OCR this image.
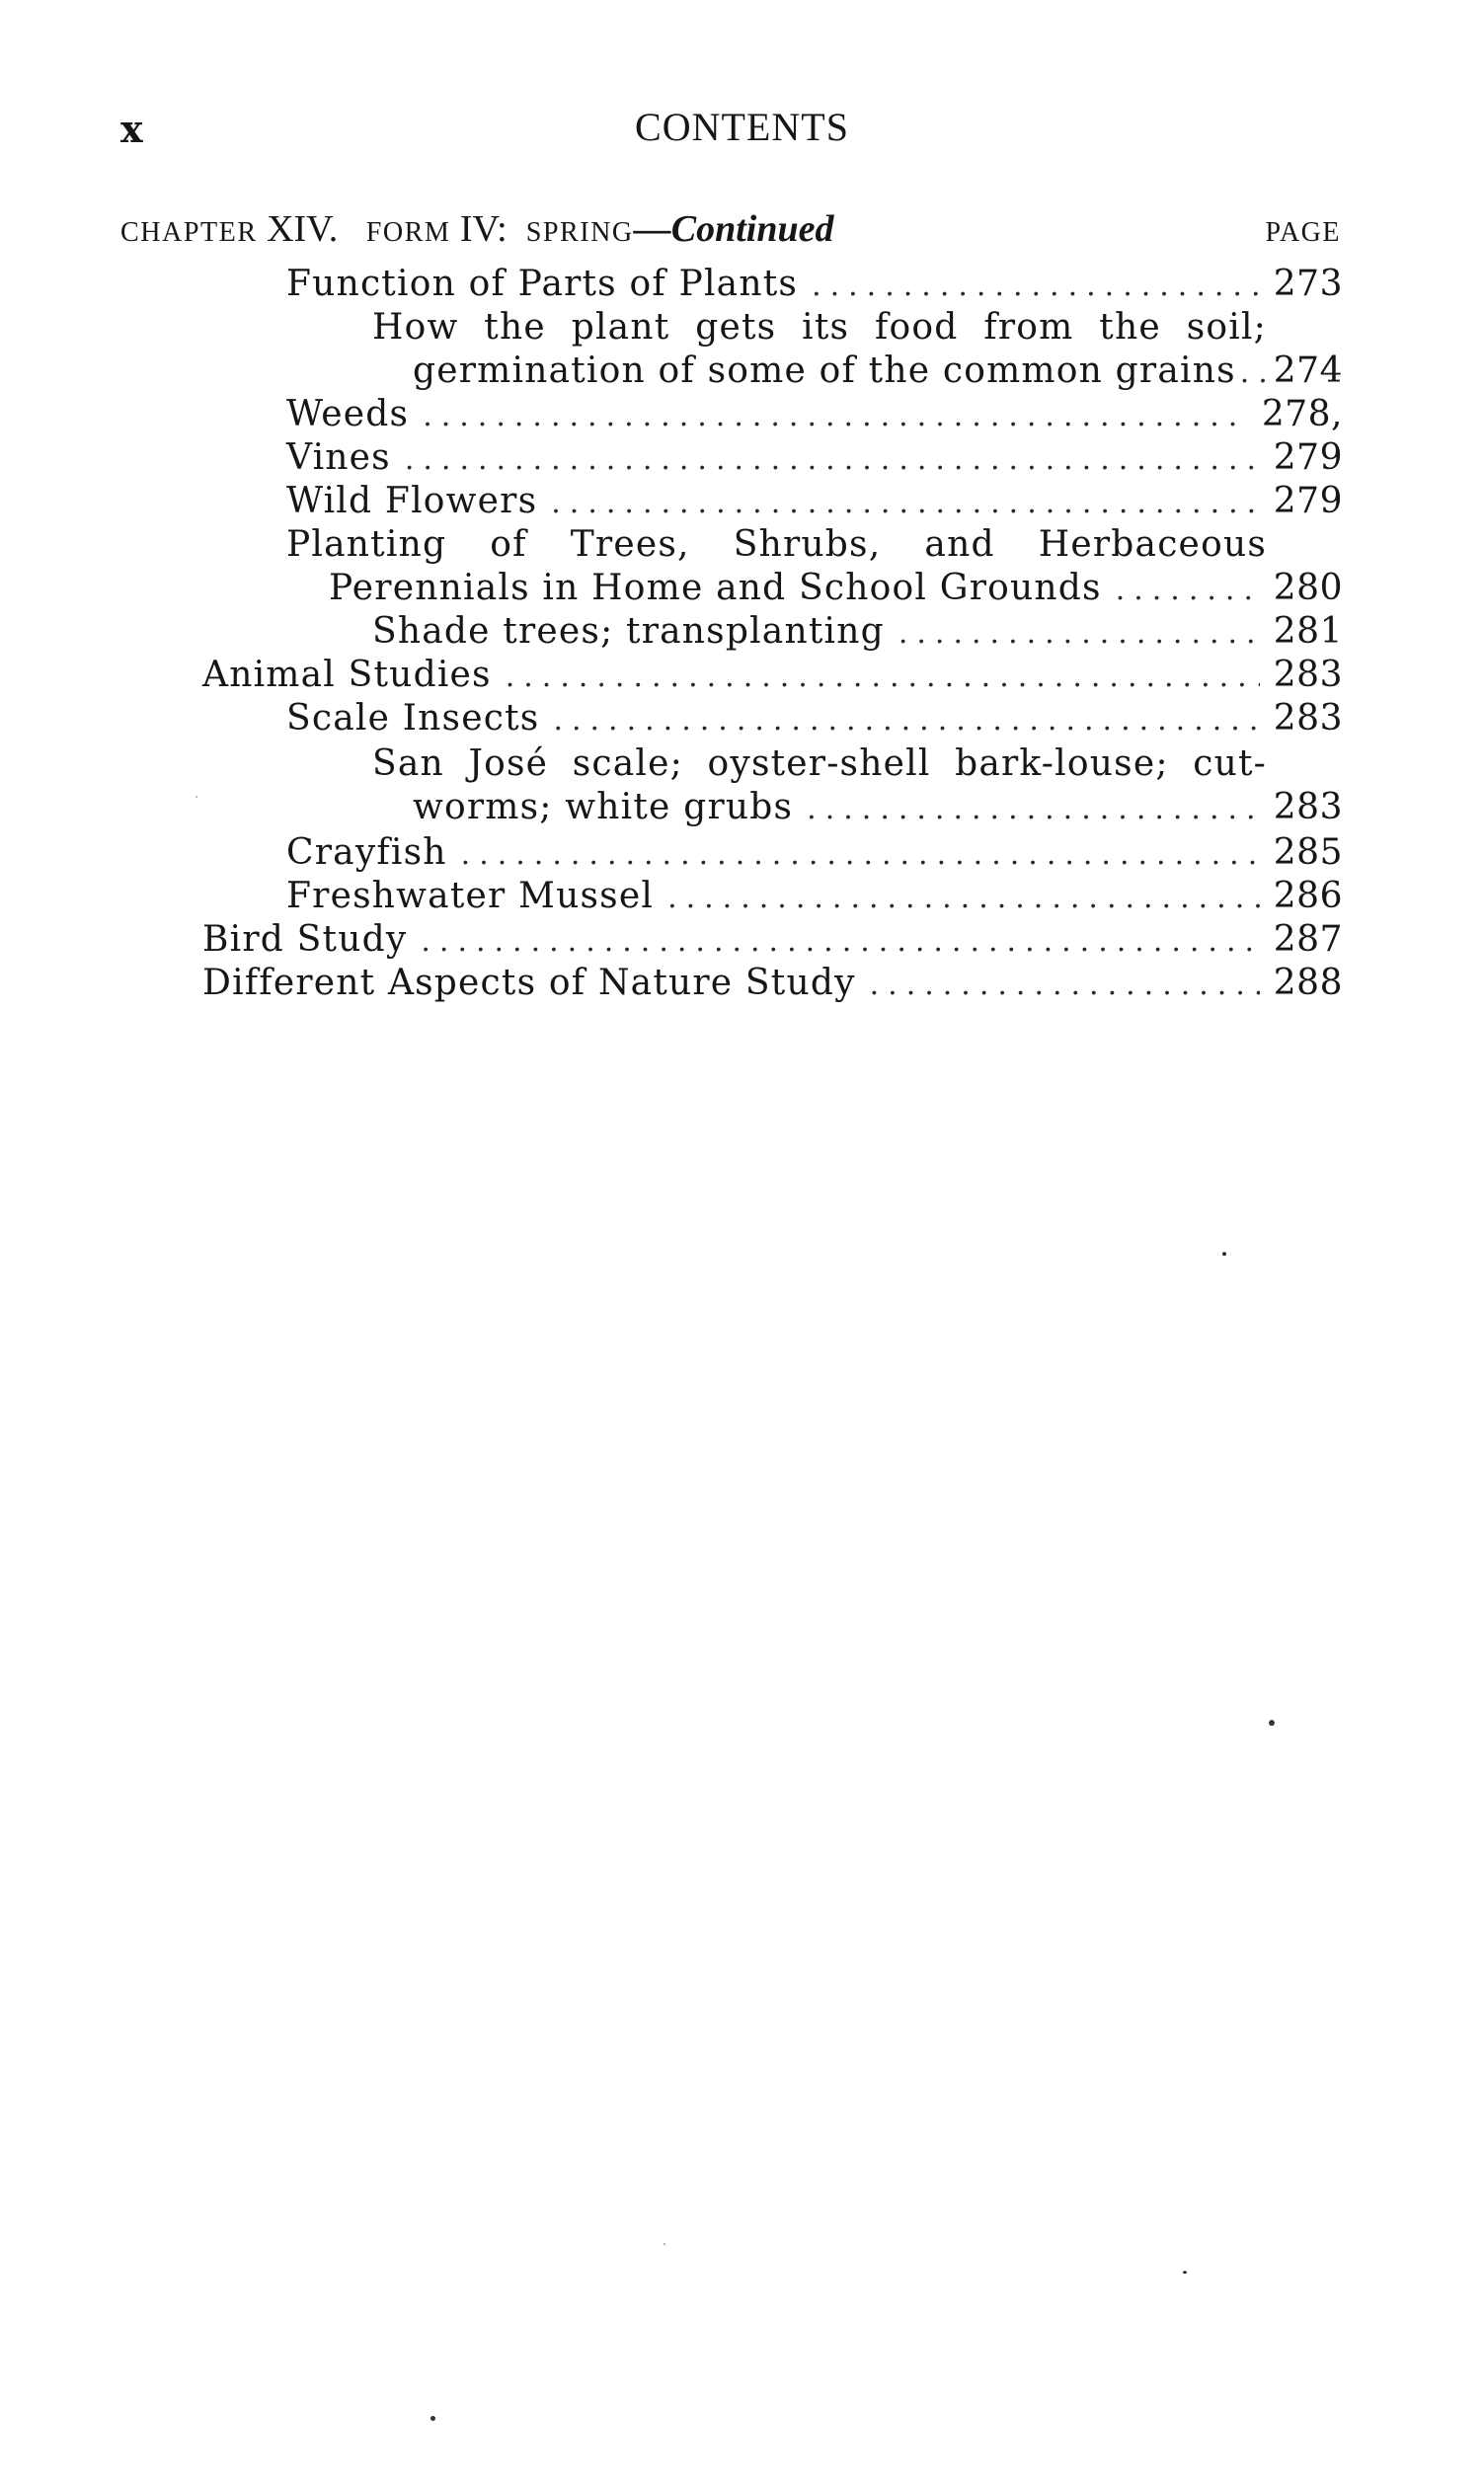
x	CONTENTS
CHAPTER XIV. FORM IV: SPRING—Continued	PAGE
Function of Parts of Plants .....	273
How the plant gets its food from the soil;
germination of some of the common grains ..... 274
Weeds .....	278,
Vines .....	279
Wild Flowers .....	279
Planting of Trees, Shrubs, and Herbaceous
Perennials in Home and School Grounds .....	280
Shade trees; transplanting .....	281
Animal Studies .....	283
Scale Insects .....	283
San José scale; oyster-shell bark-louse; cut-
worms; white grubs .....	283
Crayfish .....	285
Freshwater Mussel .....	286
Bird Study .....	287
Different Aspects of Nature Study .....	288
